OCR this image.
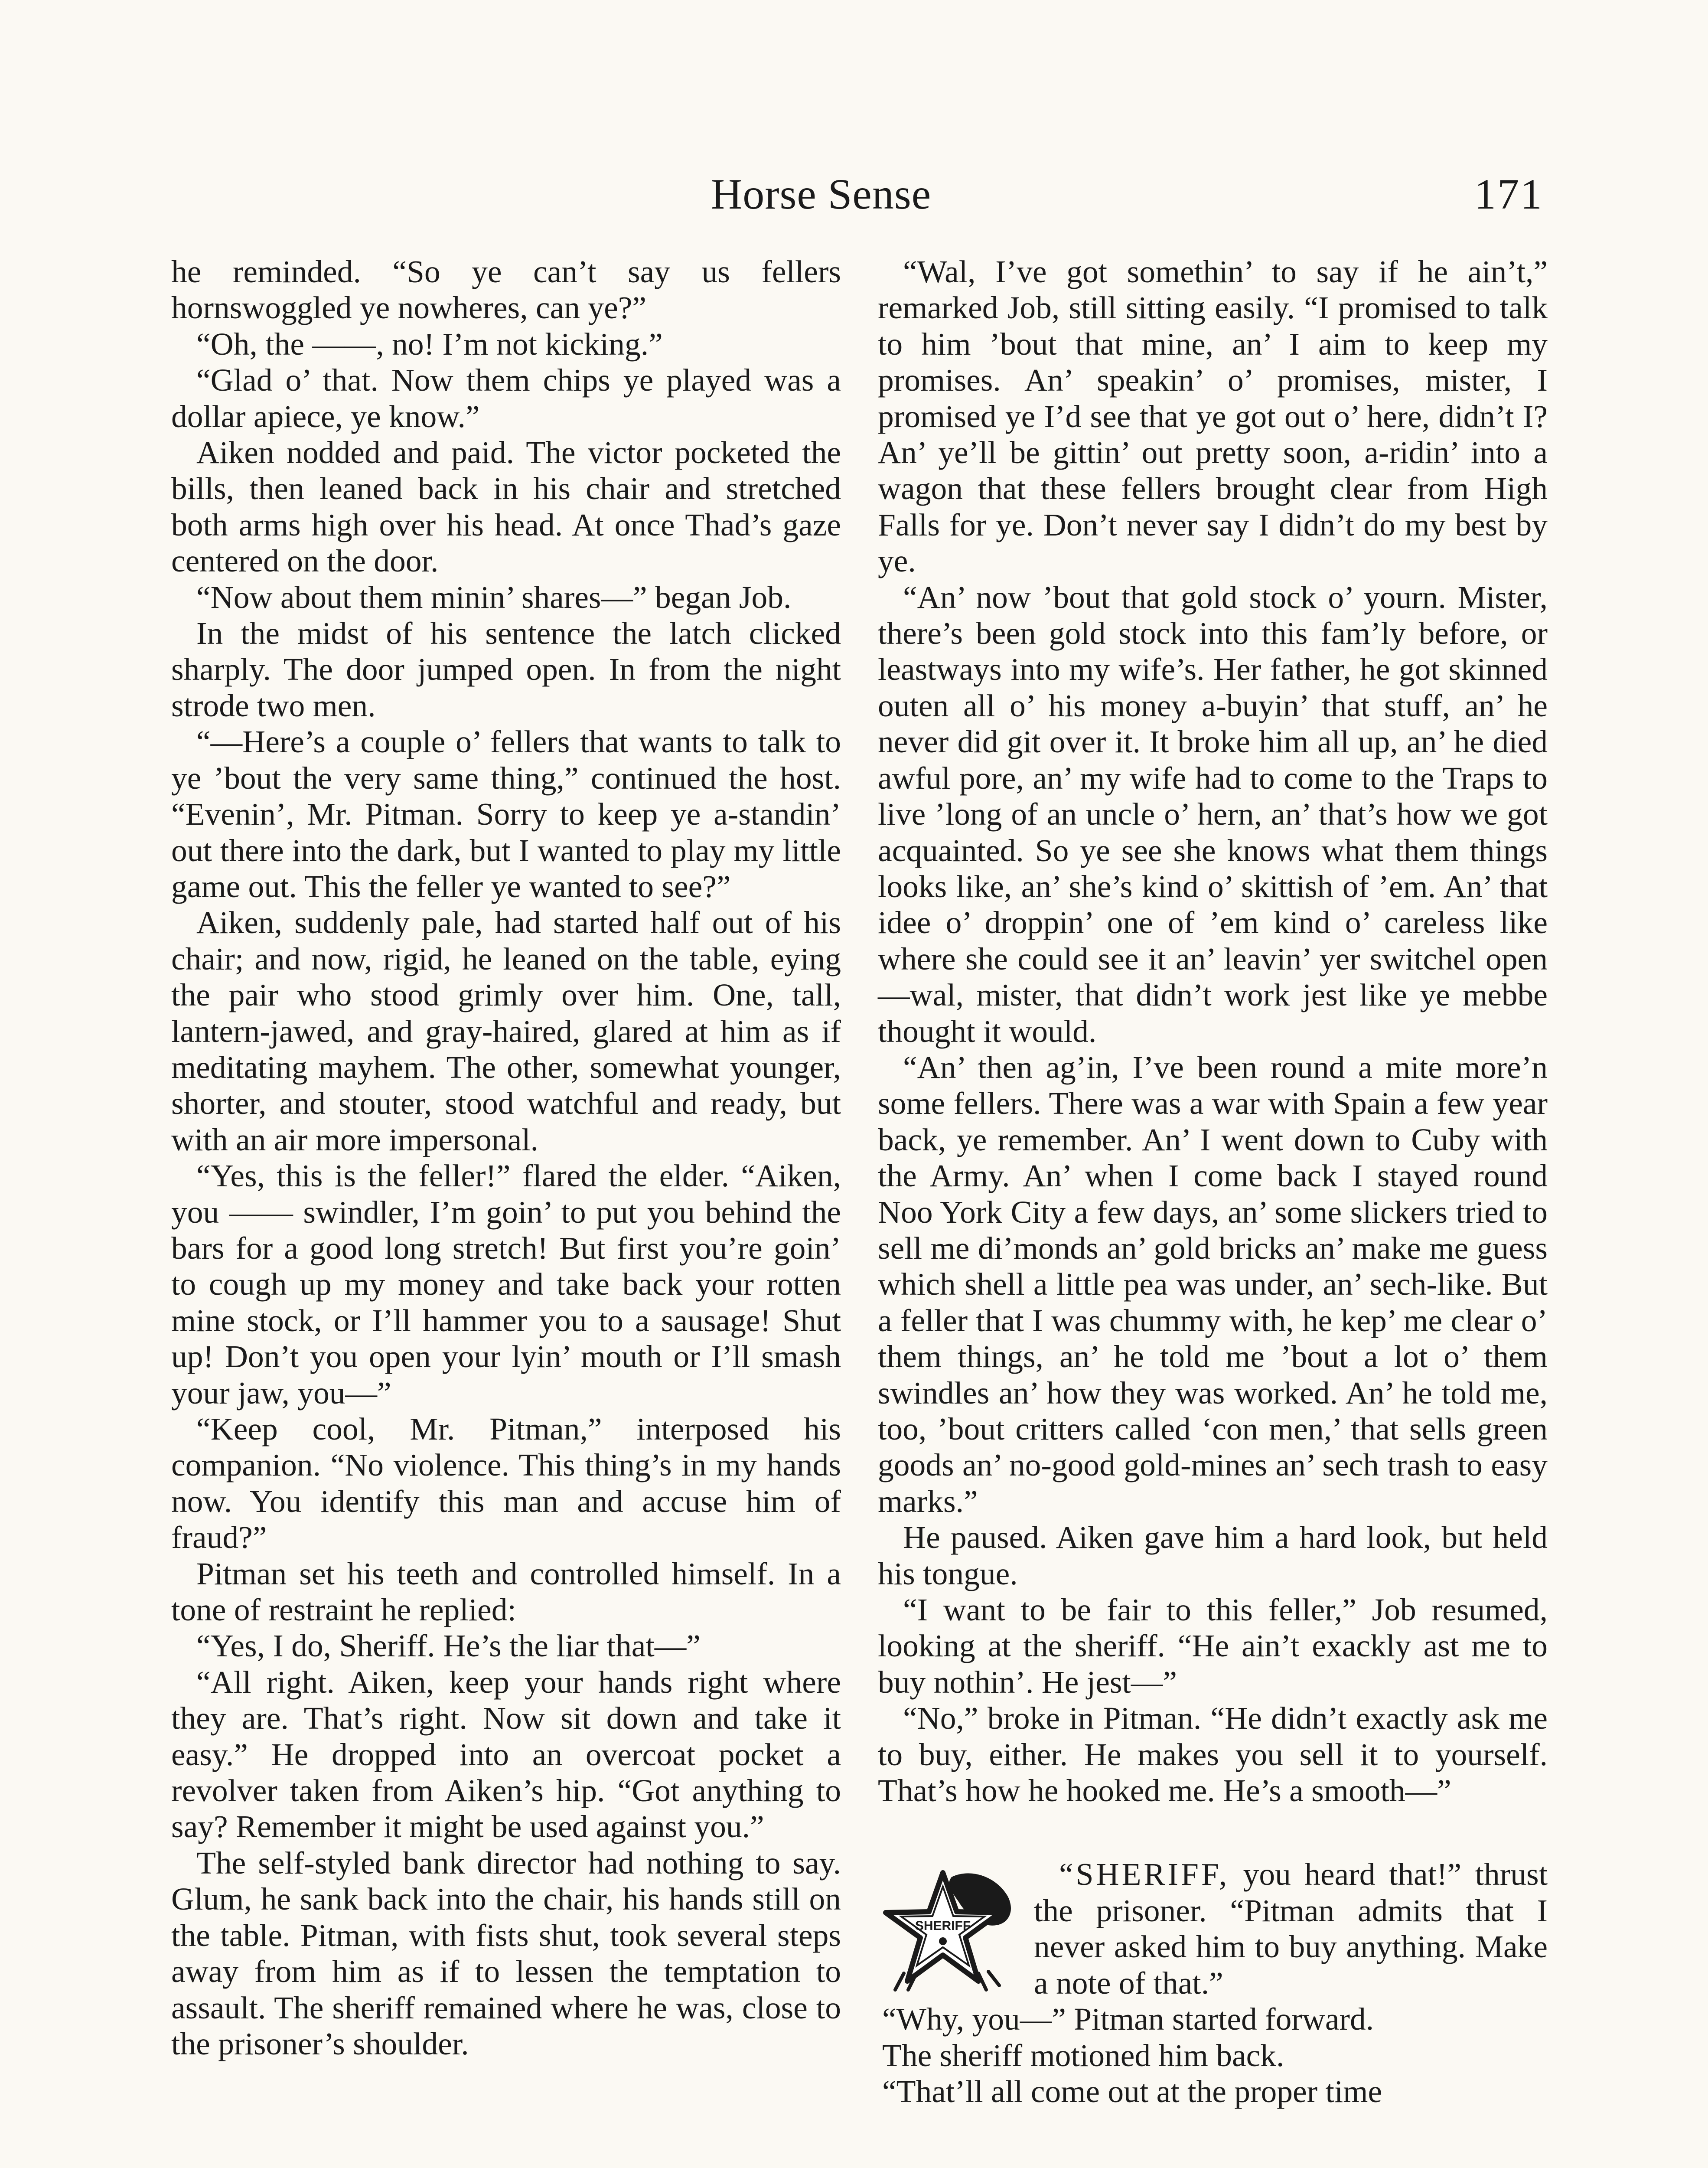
Horse Sense	171

he reminded. “So ye can’t say us fellers hornswoggled ye nowheres, can ye?”

“Oh, the ——, no! I’m not kicking.”

“Glad o’ that. Now them chips ye played was a dollar apiece, ye know.”

Aiken nodded and paid. The victor pocketed the bills, then leaned back in his chair and stretched both arms high over his head. At once Thad’s gaze centered on the door.

“Now about them minin’ shares—” began Job.

In the midst of his sentence the latch clicked sharply. The door jumped open. In from the night strode two men.

“—Here’s a couple o’ fellers that wants to talk to ye ’bout the very same thing,” continued the host. “Evenin’, Mr. Pitman. Sorry to keep ye a-standin’ out there into the dark, but I wanted to play my little game out. This the feller ye wanted to see?”

Aiken, suddenly pale, had started half out of his chair; and now, rigid, he leaned on the table, eying the pair who stood grimly over him. One, tall, lantern-jawed, and gray-haired, glared at him as if meditating mayhem. The other, somewhat younger, shorter, and stouter, stood watchful and ready, but with an air more impersonal.

“Yes, this is the feller!” flared the elder. “Aiken, you —— swindler, I’m goin’ to put you behind the bars for a good long stretch! But first you’re goin’ to cough up my money and take back your rotten mine stock, or I’ll hammer you to a sausage! Shut up! Don’t you open your lyin’ mouth or I’ll smash your jaw, you—”

“Keep cool, Mr. Pitman,” interposed his companion. “No violence. This thing’s in my hands now. You identify this man and accuse him of fraud?”

Pitman set his teeth and controlled himself. In a tone of restraint he replied:

“Yes, I do, Sheriff. He’s the liar that—”

“All right. Aiken, keep your hands right where they are. That’s right. Now sit down and take it easy.” He dropped into an overcoat pocket a revolver taken from Aiken’s hip. “Got anything to say? Remember it might be used against you.”

The self-styled bank director had nothing to say. Glum, he sank back into the chair, his hands still on the table. Pitman, with fists shut, took several steps away from him as if to lessen the temptation to assault. The sheriff remained where he was, close to the prisoner’s shoulder.

“Wal, I’ve got somethin’ to say if he ain’t,” remarked Job, still sitting easily. “I promised to talk to him ’bout that mine, an’ I aim to keep my promises. An’ speakin’ o’ promises, mister, I promised ye I’d see that ye got out o’ here, didn’t I? An’ ye’ll be gittin’ out pretty soon, a-ridin’ into a wagon that these fellers brought clear from High Falls for ye. Don’t never say I didn’t do my best by ye.

“An’ now ’bout that gold stock o’ yourn. Mister, there’s been gold stock into this fam’ly before, or leastways into my wife’s. Her father, he got skinned outen all o’ his money a-buyin’ that stuff, an’ he never did git over it. It broke him all up, an’ he died awful pore, an’ my wife had to come to the Traps to live ’long of an uncle o’ hern, an’ that’s how we got acquainted. So ye see she knows what them things looks like, an’ she’s kind o’ skittish of ’em. An’ that idee o’ droppin’ one of ’em kind o’ careless like where she could see it an’ leavin’ yer switchel open—wal, mister, that didn’t work jest like ye mebbe thought it would.

“An’ then ag’in, I’ve been round a mite more’n some fellers. There was a war with Spain a few year back, ye remember. An’ I went down to Cuby with the Army. An’ when I come back I stayed round Noo York City a few days, an’ some slickers tried to sell me di’monds an’ gold bricks an’ make me guess which shell a little pea was under, an’ sech-like. But a feller that I was chummy with, he kep’ me clear o’ them things, an’ he told me ’bout a lot o’ them swindles an’ how they was worked. An’ he told me, too, ’bout critters called ‘con men,’ that sells green goods an’ no-good gold-mines an’ sech trash to easy marks.”

He paused. Aiken gave him a hard look, but held his tongue.

“I want to be fair to this feller,” Job resumed, looking at the sheriff. “He ain’t exackly ast me to buy nothin’. He jest—”

“No,” broke in Pitman. “He didn’t exactly ask me to buy, either. He makes you sell it to yourself. That’s how he hooked me. He’s a smooth—”

SHERIFF

“SHERIFF, you heard that!” thrust the prisoner. “Pitman admits that I never asked him to buy anything. Make a note of that.”

“Why, you—” Pitman started forward.

The sheriff motioned him back.

“That’ll all come out at the proper time
